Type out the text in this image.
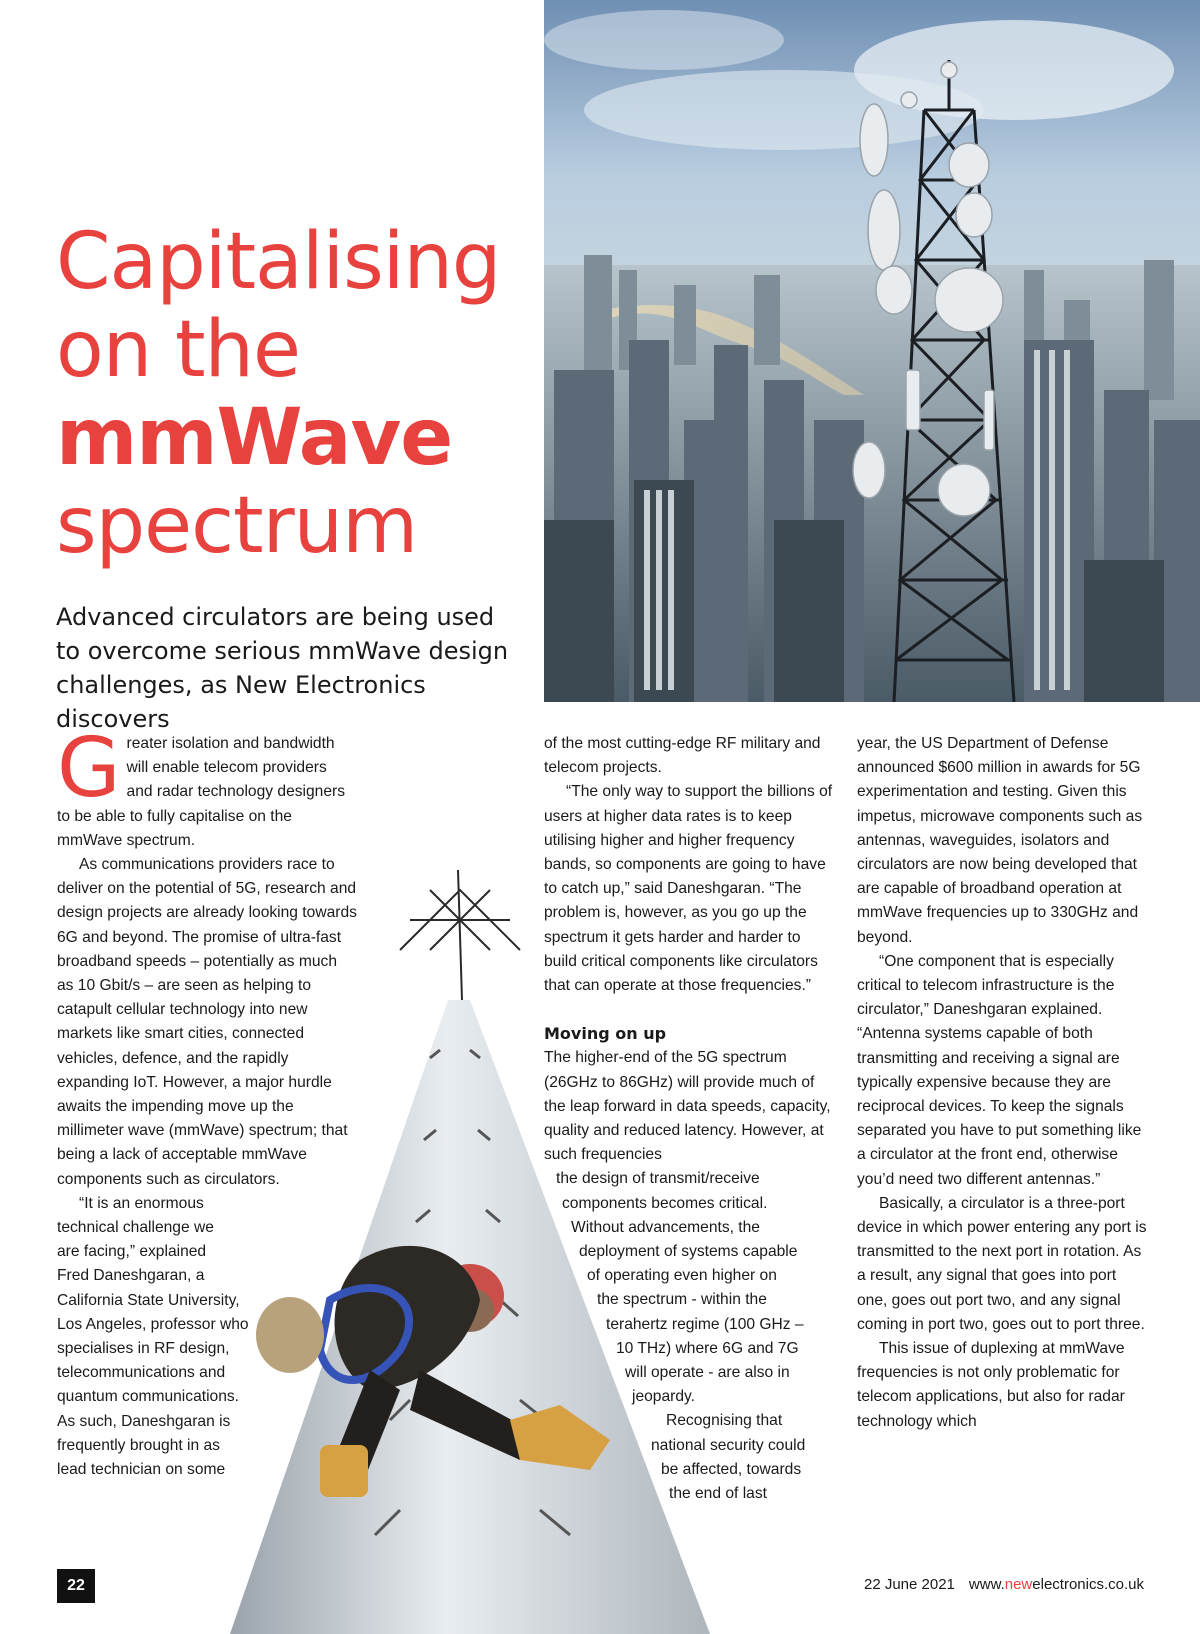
Capitalising
on the
mmWave
spectrum
Advanced circulators are being used to overcome serious mmWave design challenges, as New Electronics discovers

Greater isolation and bandwidth will enable telecom providers and radar technology designers to be able to fully capitalise on the mmWave spectrum.

As communications providers race to deliver on the potential of 5G, research and design projects are already looking towards 6G and beyond. The promise of ultra-fast broadband speeds – potentially as much as 10 Gbit/s – are seen as helping to catapult cellular technology into new markets like smart cities, connected vehicles, defence, and the rapidly expanding IoT. However, a major hurdle awaits the impending move up the millimeter wave (mmWave) spectrum; that being a lack of acceptable mmWave components such as circulators.

“It is an enormous
technical challenge we
are facing,” explained
Fred Daneshgaran, a
California State University,
Los Angeles, professor who
specialises in RF design,
telecommunications and
quantum communications.
As such, Daneshgaran is
frequently brought in as
lead technician on some

of the most cutting-edge RF military and telecom projects.

“The only way to support the billions of users at higher data rates is to keep utilising higher and higher frequency bands, so components are going to have to catch up,” said Daneshgaran. “The problem is, however, as you go up the spectrum it gets harder and harder to build critical components like circulators that can operate at those frequencies.”

Moving on up

The higher-end of the 5G spectrum (26GHz to 86GHz) will provide much of the leap forward in data speeds, capacity, quality and reduced latency. However, at such frequencies

the design of transmit/receive
components becomes critical.
Without advancements, the
deployment of systems capable
of operating even higher on
the spectrum - within the
terahertz regime (100 GHz –
10 THz) where 6G and 7G
will operate - are also in
jeopardy.

Recognising that
national security could
be affected, towards
the end of last

year, the US Department of Defense announced $600 million in awards for 5G experimentation and testing. Given this impetus, microwave components such as antennas, waveguides, isolators and circulators are now being developed that are capable of broadband operation at mmWave frequencies up to 330GHz and beyond.

“One component that is especially critical to telecom infrastructure is the circulator,” Daneshgaran explained. “Antenna systems capable of both transmitting and receiving a signal are typically expensive because they are reciprocal devices. To keep the signals separated you have to put something like a circulator at the front end, otherwise you’d need two different antennas.”

Basically, a circulator is a three-port device in which power entering any port is transmitted to the next port in rotation. As a result, any signal that goes into port one, goes out port two, and any signal coming in port two, goes out to port three.

This issue of duplexing at mmWave frequencies is not only problematic for telecom applications, but also for radar technology which

22	22 June 2021 www.newelectronics.co.uk
